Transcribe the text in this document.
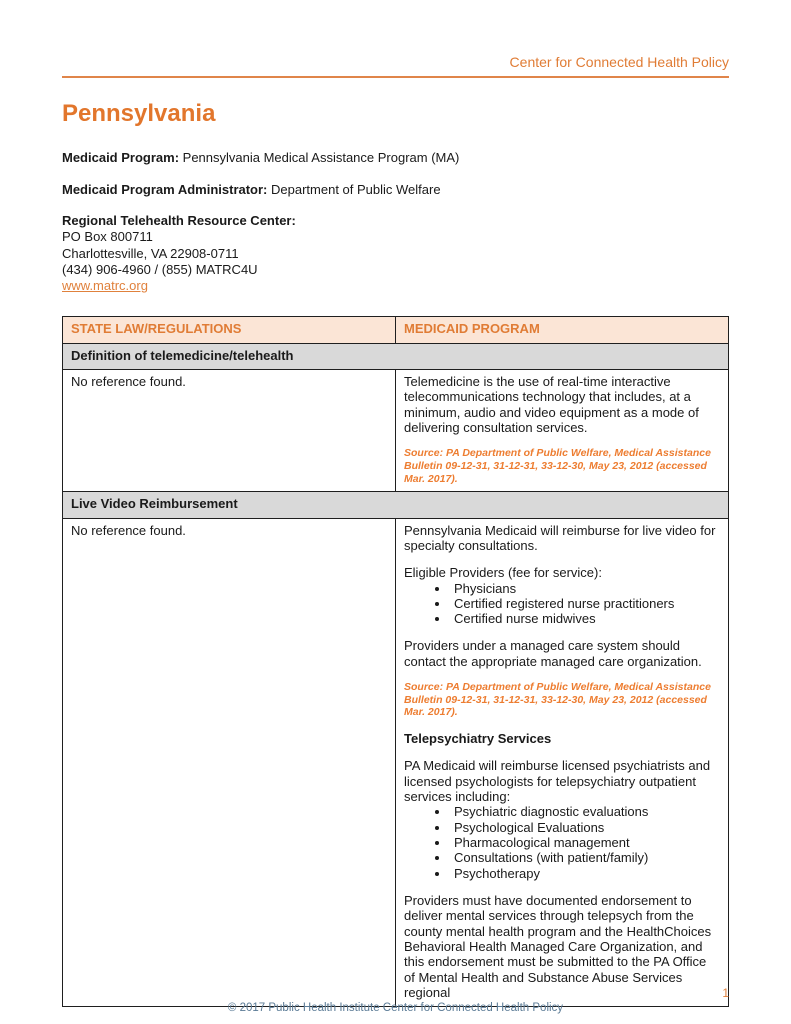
Center for Connected Health Policy
Pennsylvania

Medicaid Program: Pennsylvania Medical Assistance Program (MA)

Medicaid Program Administrator: Department of Public Welfare

Regional Telehealth Resource Center:
PO Box 800711
Charlottesville, VA 22908-0711
(434) 906-4960 / (855) MATRC4U
www.matrc.org
STATE LAW/REGULATIONS	MEDICAID PROGRAM
Definition of telemedicine/telehealth	

No reference found.	Telemedicine is the use of real-time interactive telecommunications technology that includes, at a minimum, audio and video equipment as a mode of delivering consultation services.

Source: PA Department of Public Welfare, Medical Assistance Bulletin 09-12-31, 31-12-31, 33-12-30, May 23, 2012 (accessed Mar. 2017).

Live Video Reimbursement	

No reference found.	Pennsylvania Medicaid will reimburse for live video for specialty consultations.

Eligible Providers (fee for service):

• Physicians
• Certified registered nurse practitioners
• Certified nurse midwives

Providers under a managed care system should contact the appropriate managed care organization.

Source: PA Department of Public Welfare, Medical Assistance Bulletin 09-12-31, 31-12-31, 33-12-30, May 23, 2012 (accessed Mar. 2017).

Telepsychiatry Services

PA Medicaid will reimburse licensed psychiatrists and licensed psychologists for telepsychiatry outpatient services including:

• Psychiatric diagnostic evaluations
• Psychological Evaluations
• Pharmacological management
• Consultations (with patient/family)
• Psychotherapy

Providers must have documented endorsement to deliver mental services through telepsych from the county mental health program and the HealthChoices Behavioral Health Managed Care Organization, and this endorsement must be submitted to the PA Office of Mental Health and Substance Abuse Services regional	1
© 2017 Public Health Institute Center for Connected Health Policy
